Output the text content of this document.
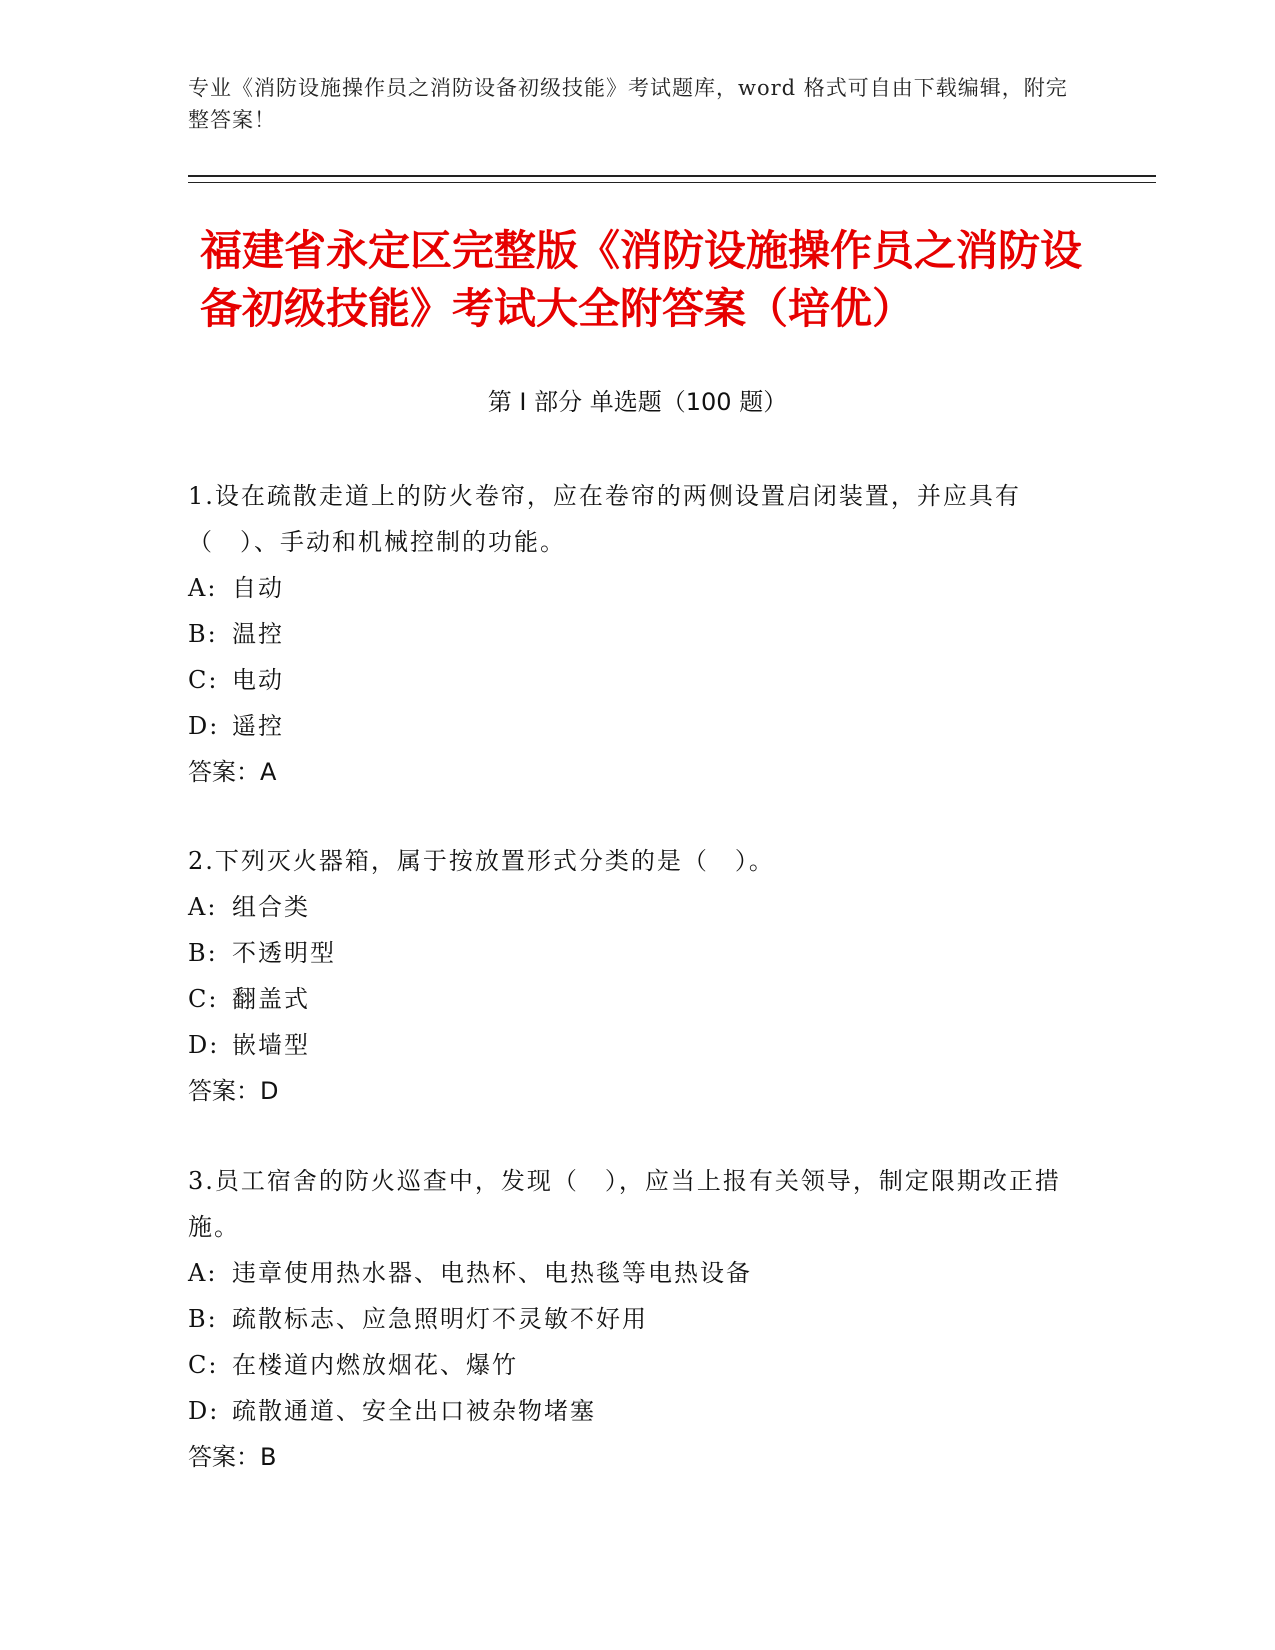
专业《消防设施操作员之消防设备初级技能》考试题库，word 格式可自由下载编辑，附完整答案！
福建省永定区完整版《消防设施操作员之消防设备初级技能》考试大全附答案（培优）
第 I 部分 单选题（100 题）

1.设在疏散走道上的防火卷帘，应在卷帘的两侧设置启闭装置，并应具有（　）、手动和机械控制的功能。

A: 自动

B: 温控

C: 电动

D: 遥控

答案：A

2.下列灭火器箱，属于按放置形式分类的是（　）。

A: 组合类

B: 不透明型

C: 翻盖式

D: 嵌墙型

答案：D

3.员工宿舍的防火巡查中，发现（　），应当上报有关领导，制定限期改正措施。

A: 违章使用热水器、电热杯、电热毯等电热设备

B: 疏散标志、应急照明灯不灵敏不好用

C: 在楼道内燃放烟花、爆竹

D: 疏散通道、安全出口被杂物堵塞

答案：B
